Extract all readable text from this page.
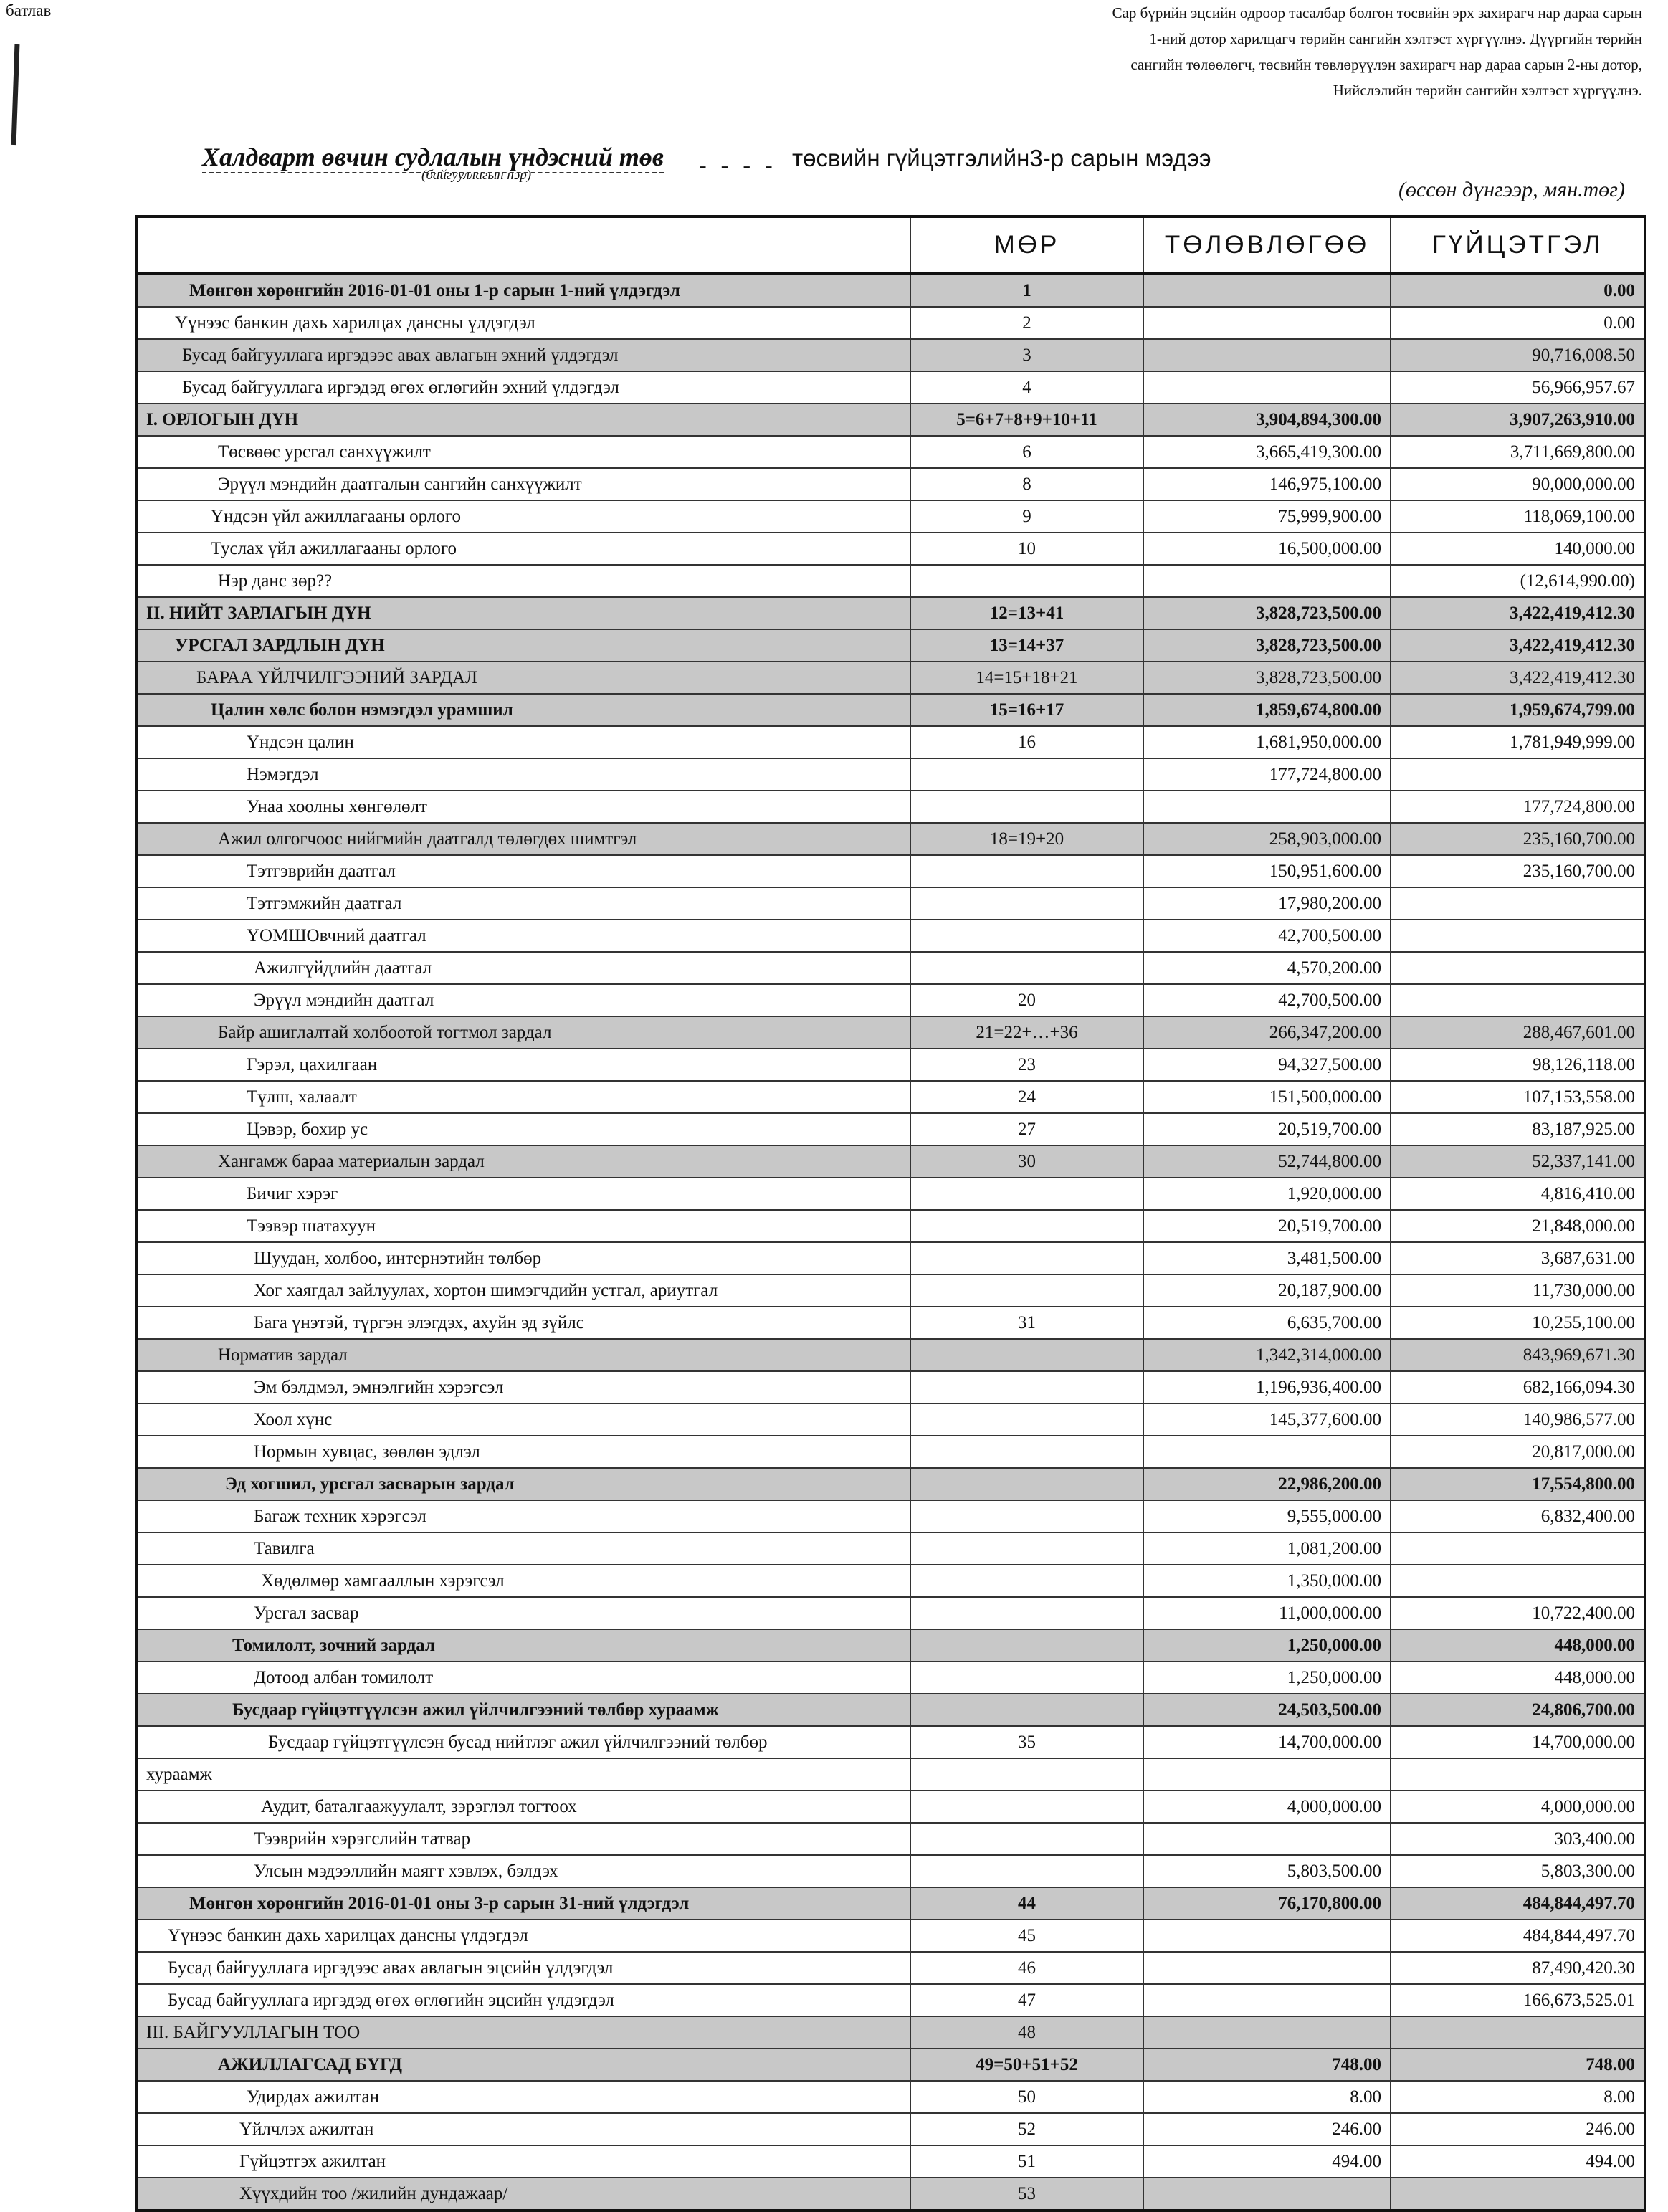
батлав	Сар бүрийн эцсийн өдрөөр тасалбар болгон төсвийн эрх захирагч нар дараа сарын
1-ний дотор харилцагч төрийн сангийн хэлтэст хүргүүлнэ. Дүүргийн төрийн
сангийн төлөөлөгч, төсвийн төвлөрүүлэн захирагч нар дараа сарын 2-ны дотор,
Нийслэлийн төрийн сангийн хэлтэст хүргүүлнэ.
Халдварт өвчин судлалын үндэсний төв - - - -
(байгууллагын нэр)
төсвийн гүйцэтгэлийн3-р сарын мэдээ
(өссөн дүнгээр, мян.төг)
	МӨР	ТӨЛӨВЛӨГӨӨ	ГҮЙЦЭТГЭЛ
Мөнгөн хөрөнгийн 2016-01-01 оны 1-р сарын 1-ний үлдэгдэл	1		0.00
Үүнээс банкин дахь харилцах дансны үлдэгдэл	2		0.00
Бусад байгууллага иргэдээс авах авлагын эхний үлдэгдэл	3		90,716,008.50
Бусад байгууллага иргэдэд өгөх өглөгийн эхний үлдэгдэл	4		56,966,957.67
I. ОРЛОГЫН ДҮН	5=6+7+8+9+10+11	3,904,894,300.00	3,907,263,910.00
Төсвөөс урсгал санхүүжилт	6	3,665,419,300.00	3,711,669,800.00
Эрүүл мэндийн даатгалын сангийн санхүүжилт	8	146,975,100.00	90,000,000.00
Үндсэн үйл ажиллагааны орлого	9	75,999,900.00	118,069,100.00
Туслах үйл ажиллагааны орлого	10	16,500,000.00	140,000.00
Нэр данс зөр??			(12,614,990.00)
II. НИЙТ ЗАРЛАГЫН ДҮН	12=13+41	3,828,723,500.00	3,422,419,412.30
УРСГАЛ ЗАРДЛЫН ДҮН	13=14+37	3,828,723,500.00	3,422,419,412.30
БАРАА ҮЙЛЧИЛГЭЭНИЙ ЗАРДАЛ	14=15+18+21	3,828,723,500.00	3,422,419,412.30
Цалин хөлс болон нэмэгдэл урамшил	15=16+17	1,859,674,800.00	1,959,674,799.00
Үндсэн цалин	16	1,681,950,000.00	1,781,949,999.00
Нэмэгдэл		177,724,800.00	
Унаа хоолны хөнгөлөлт			177,724,800.00
Ажил олгогчоос нийгмийн даатгалд төлөгдөх шимтгэл	18=19+20	258,903,000.00	235,160,700.00
Тэтгэврийн даатгал		150,951,600.00	235,160,700.00
Тэтгэмжийн даатгал		17,980,200.00	
ҮОМШӨвчний даатгал		42,700,500.00	
Ажилгүйдлийн даатгал		4,570,200.00	
Эрүүл мэндийн даатгал	20	42,700,500.00	
Байр ашиглалтай холбоотой тогтмол зардал	21=22+…+36	266,347,200.00	288,467,601.00
Гэрэл, цахилгаан	23	94,327,500.00	98,126,118.00
Түлш, халаалт	24	151,500,000.00	107,153,558.00
Цэвэр, бохир ус	27	20,519,700.00	83,187,925.00
Хангамж бараа материалын зардал	30	52,744,800.00	52,337,141.00
Бичиг хэрэг		1,920,000.00	4,816,410.00
Тээвэр шатахуун		20,519,700.00	21,848,000.00
Шуудан, холбоо, интернэтийн төлбөр		3,481,500.00	3,687,631.00
Хог хаягдал зайлуулах, хортон шимэгчдийн устгал, ариутгал		20,187,900.00	11,730,000.00
Бага үнэтэй, түргэн элэгдэх, ахуйн эд зүйлс	31	6,635,700.00	10,255,100.00
Норматив зардал		1,342,314,000.00	843,969,671.30
Эм бэлдмэл, эмнэлгийн хэрэгсэл		1,196,936,400.00	682,166,094.30
Хоол хүнс		145,377,600.00	140,986,577.00
Нормын хувцас, зөөлөн эдлэл			20,817,000.00
Эд хогшил, урсгал засварын зардал		22,986,200.00	17,554,800.00
Багаж техник хэрэгсэл		9,555,000.00	6,832,400.00
Тавилга		1,081,200.00	
Хөдөлмөр хамгааллын хэрэгсэл		1,350,000.00	
Урсгал засвар		11,000,000.00	10,722,400.00
Томилолт, зочний зардал		1,250,000.00	448,000.00
Дотоод албан томилолт		1,250,000.00	448,000.00
Бусдаар гүйцэтгүүлсэн ажил үйлчилгээний төлбөр хураамж		24,503,500.00	24,806,700.00
Бусдаар гүйцэтгүүлсэн бусад нийтлэг ажил үйлчилгээний төлбөр	35	14,700,000.00	14,700,000.00
хураамж			
Аудит, баталгаажуулалт, зэрэглэл тогтоох		4,000,000.00	4,000,000.00
Тээврийн хэрэгслийн татвар			303,400.00
Улсын мэдээллийн маягт хэвлэх, бэлдэх		5,803,500.00	5,803,300.00
Мөнгөн хөрөнгийн 2016-01-01 оны 3-р сарын 31-ний үлдэгдэл	44	76,170,800.00	484,844,497.70
Үүнээс банкин дахь харилцах дансны үлдэгдэл	45		484,844,497.70
Бусад байгууллага иргэдээс авах авлагын эцсийн үлдэгдэл	46		87,490,420.30
Бусад байгууллага иргэдэд өгөх өглөгийн эцсийн үлдэгдэл	47		166,673,525.01
III. БАЙГУУЛЛАГЫН ТОО	48		
АЖИЛЛАГСАД БҮГД	49=50+51+52	748.00	748.00
Удирдах ажилтан	50	8.00	8.00
Үйлчлэх ажилтан	52	246.00	246.00
Гүйцэтгэх ажилтан	51	494.00	494.00
Хүүхдийн тоо /жилийн дундажаар/	53		
